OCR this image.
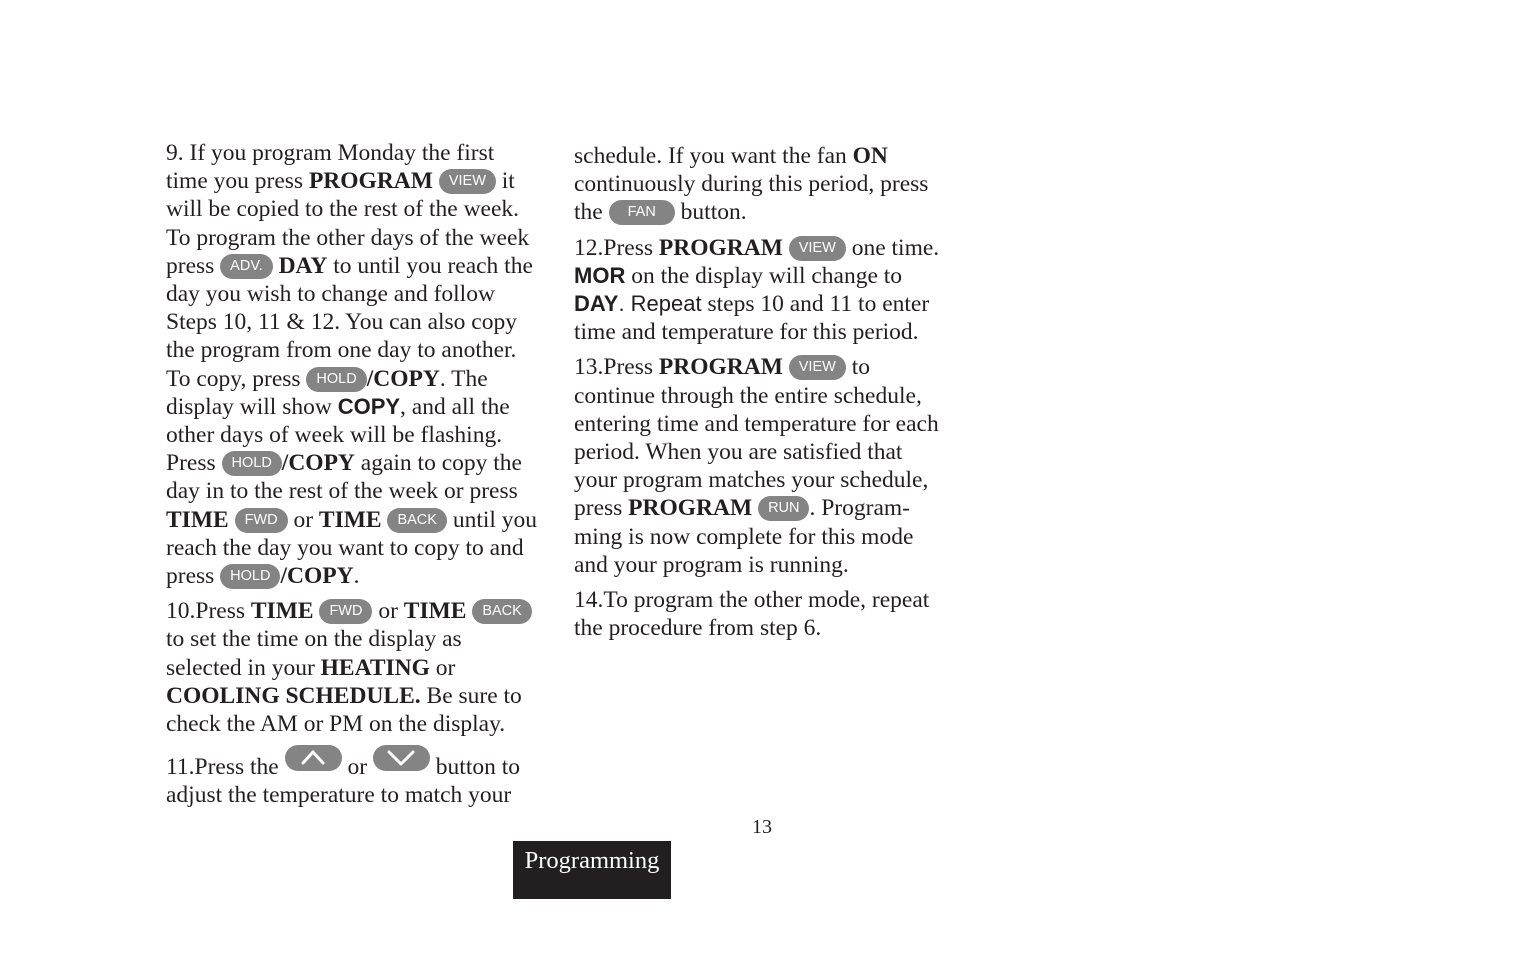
9. If you program Monday the first
time you press PROGRAM VIEW it
will be copied to the rest of the week.
To program the other days of the week
press ADV. DAY to until you reach the
day you wish to change and follow
Steps 10, 11 & 12. You can also copy
the program from one day to another.
To copy, press HOLD /COPY. The
display will show COPY, and all the
other days of week will be flashing.
Press HOLD /COPY again to copy the
day in to the rest of the week or press
TIME FWD or TIME BACK until you
reach the day you want to copy to and
press HOLD /COPY.
10.Press TIME FWD or TIME BACK
to set the time on the display as
selected in your HEATING or
COOLING SCHEDULE. Be sure to
check the AM or PM on the display.
11.Press the
or
button to
adjust the temperature to match your
schedule. If you want the fan ON
continuously during this period, press
the FAN button.
12.Press PROGRAM VIEW one time.
MOR on the display will change to
DAY. Repeat steps 10 and 11 to enter
time and temperature for this period.
13.Press PROGRAM VIEW to
continue through the entire schedule,
entering time and temperature for each
period. When you are satisfied that
your program matches your schedule,
press PROGRAM RUN . Program-
ming is now complete for this mode
and your program is running.
14.To program the other mode, repeat
the procedure from step 6.
13
Programming
